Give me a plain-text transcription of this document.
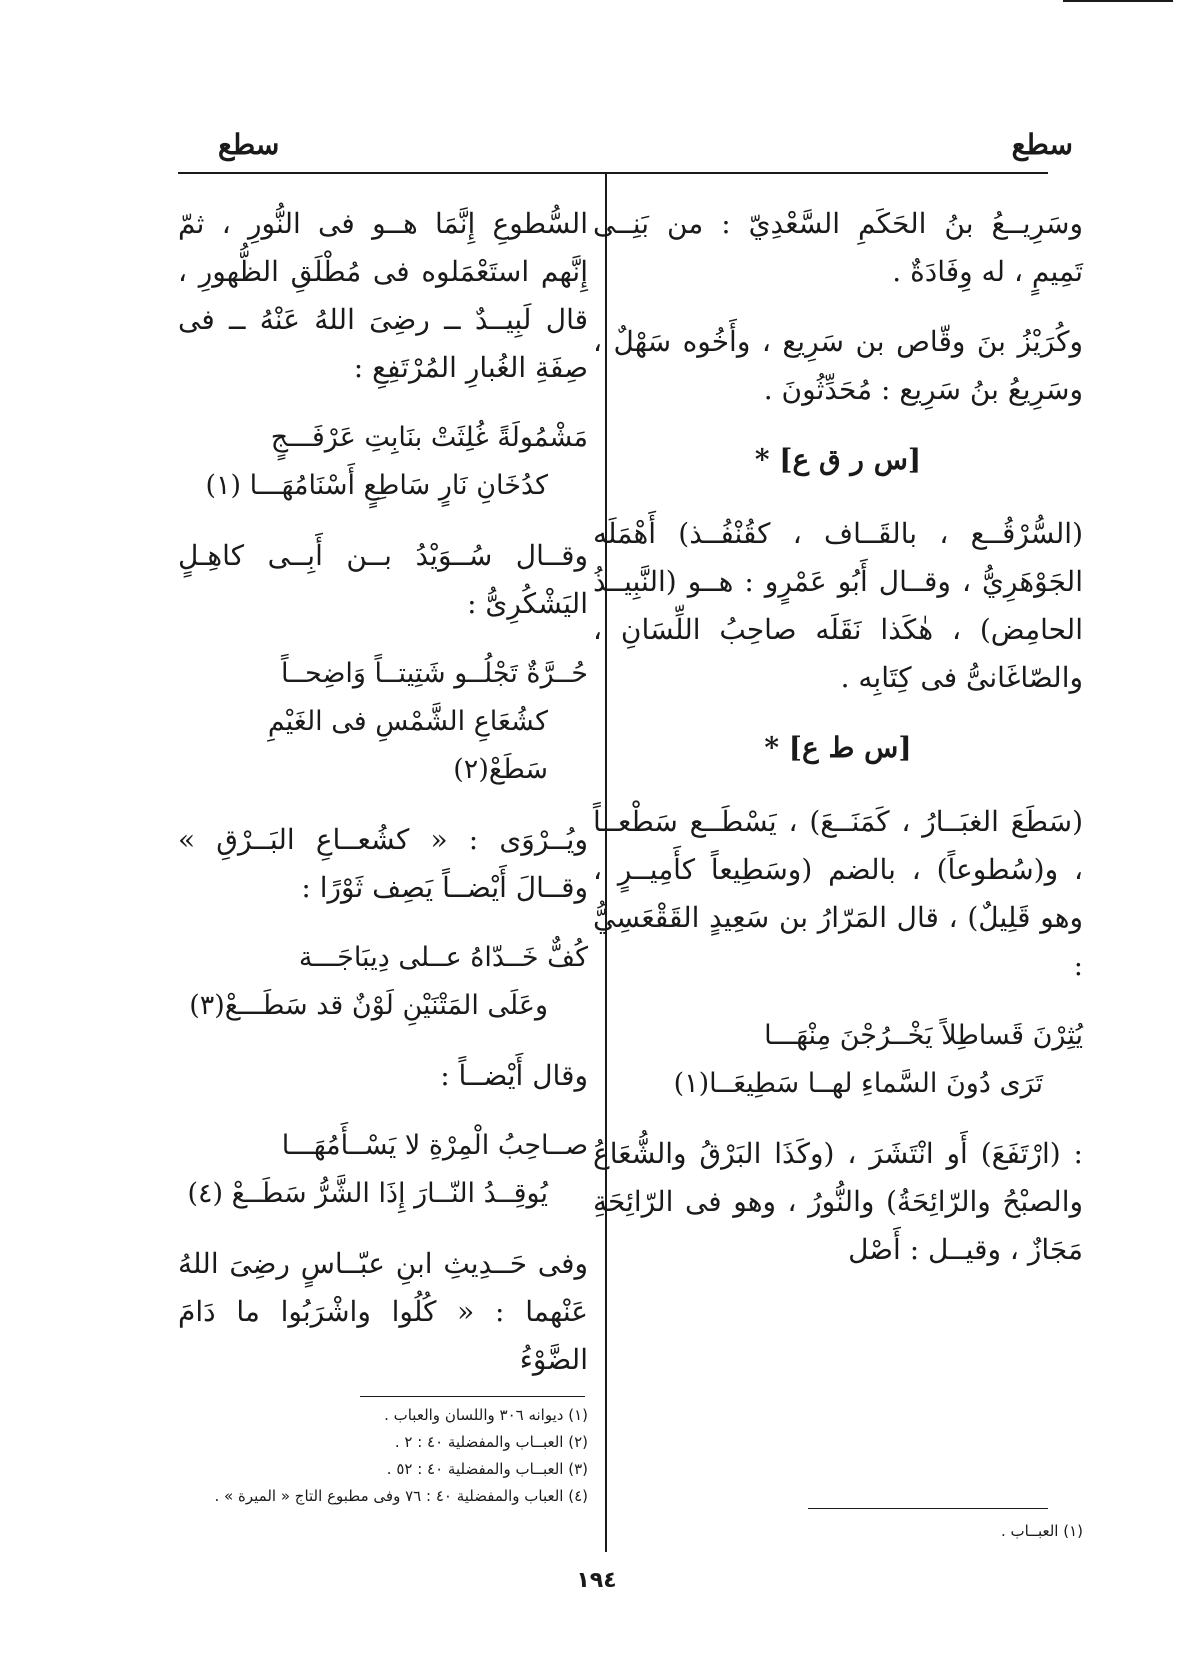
سطع
سطع

وسَرِيــعُ بنُ الحَكَمِ السَّعْدِيّ : من بَنِــى تَمِيمٍ ، له وِفَادَةٌ .

وكُرَيْزُ بنَ وقّاص بن سَرِيع ، وأَخُوه سَهْلٌ ، وسَرِيعُ بنُ سَرِيع : مُحَدِّثُونَ .

[س ر ق ع] *

(السُّرْقُــع ، بالقَــاف ، كقُنْفُــذ) أَهْمَلَه الجَوْهَرِيُّ ، وقــال أَبُو عَمْرٍو : هــو (النَّبِيــذُ الحامِض) ، هٰكَذا نَقَلَه صاحِبُ اللِّسَانِ ، والصّاغَانىُّ فى كِتَابِه .

[س ط ع] *

(سَطَعَ الغبَــارُ ، كَمَنَــعَ) ، يَسْطَــع سَطْعــاً ، و(سُطوعاً) ، بالضم (وسَطِيعاً كأَمِيــرٍ ، وهو قَلِيلٌ) ، قال المَرّارُ بن سَعِيدٍ القَقْعَسِيُّ :

يُثِرْنَ قَساطِلاً يَخْــرُجْنَ مِنْهَـــا
تَرَى دُونَ السَّماءِ لهــا سَطِيعَــا(١)

: (ارْتَفَعَ) أَو انْتَشَرَ ، (وكَذَا البَرْقُ والشُّعَاعُ والصبْحُ والرّائِحَةُ) والنُّورُ ، وهو فى الرّائِحَةِ مَجَازٌ ، وقيــل : أَصْل

السُّطوعِ إِنَّمَا هــو فى النُّورِ ، ثمّ إِنَّهم استَعْمَلوه فى مُطْلَقِ الظُّهورِ ، قال لَبِيــدٌ ــ رضِىَ اللهُ عَنْهُ ــ فى صِفَةِ الغُبارِ المُرْتَفِعِ :

مَشْمُولَةً غُلِثَتْ بنَابِتِ عَرْفَـــجٍ
كدُخَانِ نَارٍ سَاطِعٍ أَسْنَامُهَـــا (١)

وقــال سُــوَيْدُ بــن أَبِــى كاهِـلٍ اليَشْكُرِىُّ :

حُــرَّةٌ تَجْلُــو شَتِيتــاً وَاضِحــاً
كشُعَاعِ الشَّمْسِ فى الغَيْمِ سَطَعْ(٢)

ويُــرْوَى : « كشُعــاعِ البَــرْقِ » وقــالَ أَيْضــاً يَصِف ثَوْرًا :

كُفٌّ خَــدّاهُ عــلى دِيبَاجَـــة
وعَلَى المَتْنَيْنِ لَوْنٌ قد سَطَـــعْ(٣)

وقال أَيْضــاً :

صــاحِبُ الْمِرْةِ لا يَسْــأَمُهَـــا
يُوقِــدُ النّــارَ إِذَا الشَّرُّ سَطَــعْ (٤)

وفى حَــدِيثِ ابنِ عبّــاسٍ رضِىَ اللهُ عَنْهما : « كُلُوا واشْرَبُوا ما دَامَ الضَّوْءُ

(١) ديوانه ٣٠٦ واللسان والعباب .
(٢) العبــاب والمفضلية ٤٠ : ٢ .
(٣) العبــاب والمفضلية ٤٠ : ٥٢ .
(٤) العباب والمفضلية ٤٠ : ٧٦ وفى مطبوع التاج « الميرة » .
(١) العبــاب .
١٩٤
